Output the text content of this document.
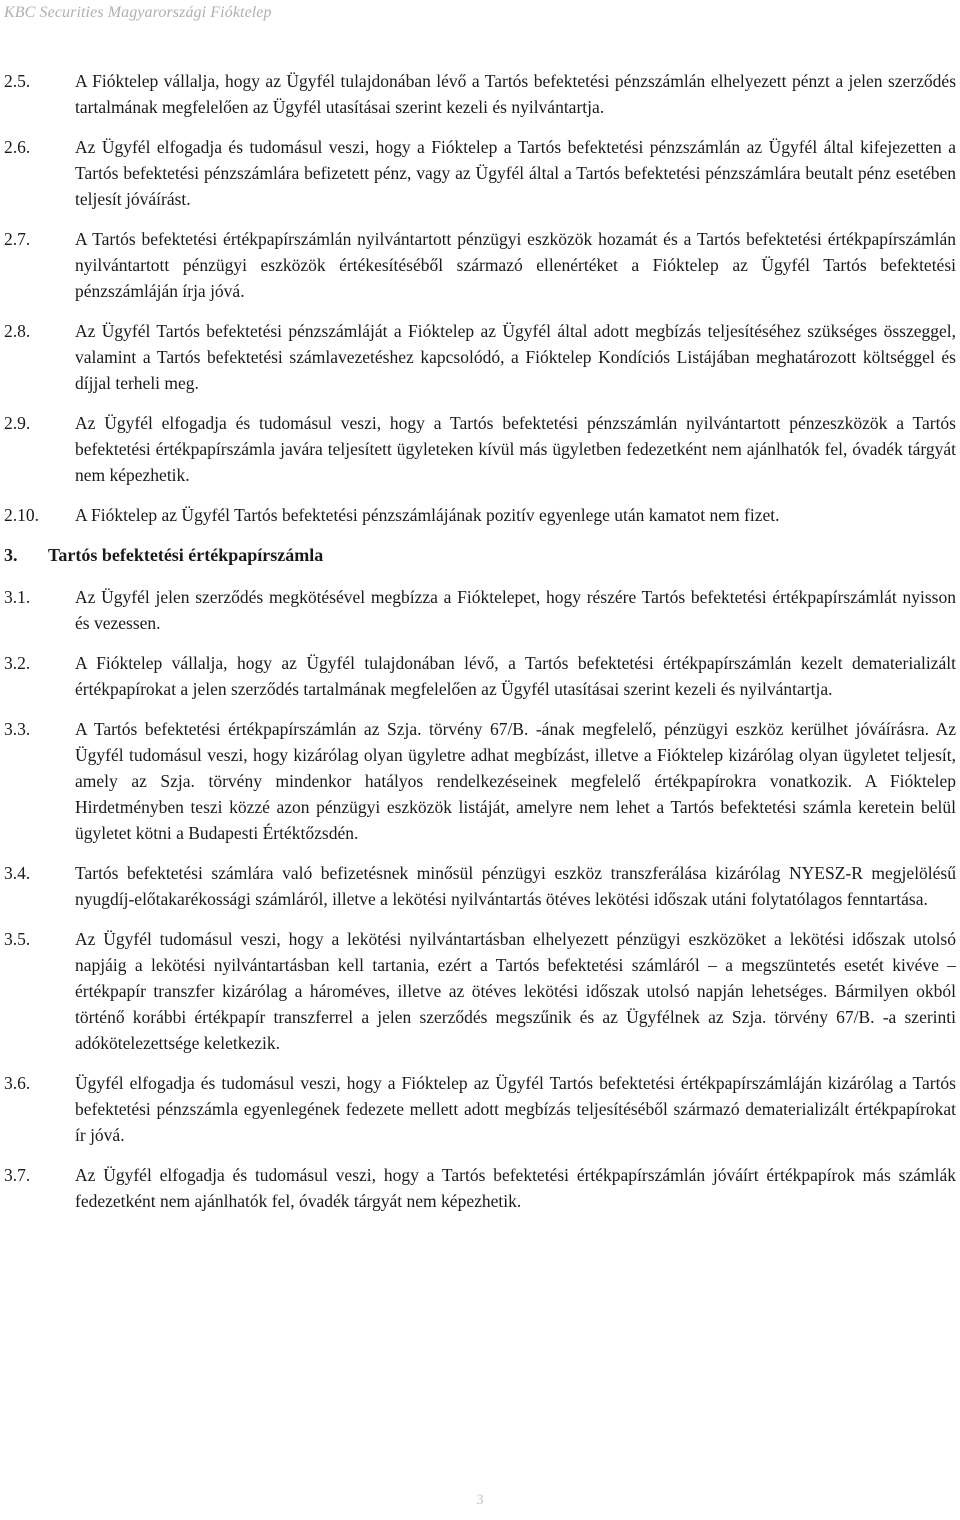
KBC Securities Magyarországi Fióktelep
2.5.	A Fióktelep vállalja, hogy az Ügyfél tulajdonában lévő a Tartós befektetési pénzszámlán elhelyezett pénzt a jelen szerződés tartalmának megfelelően az Ügyfél utasításai szerint kezeli és nyilvántartja.
2.6.	Az Ügyfél elfogadja és tudomásul veszi, hogy a Fióktelep a Tartós befektetési pénzszámlán az Ügyfél által kifejezetten a Tartós befektetési pénzszámlára befizetett pénz, vagy az Ügyfél által a Tartós befektetési pénzszámlára beutalt pénz esetében teljesít jóváírást.
2.7.	A Tartós befektetési értékpapírszámlán nyilvántartott pénzügyi eszközök hozamát és a Tartós befektetési értékpapírszámlán nyilvántartott pénzügyi eszközök értékesítéséből származó ellenértéket a Fióktelep az Ügyfél Tartós befektetési pénzszámláján írja jóvá.
2.8.	Az Ügyfél Tartós befektetési pénzszámláját a Fióktelep az Ügyfél által adott megbízás teljesítéséhez szükséges összeggel, valamint a Tartós befektetési számlavezetéshez kapcsolódó, a Fióktelep Kondíciós Listájában meghatározott költséggel és díjjal terheli meg.
2.9.	Az Ügyfél elfogadja és tudomásul veszi, hogy a Tartós befektetési pénzszámlán nyilvántartott pénzeszközök a Tartós befektetési értékpapírszámla javára teljesített ügyleteken kívül más ügyletben fedezetként nem ajánlhatók fel, óvadék tárgyát nem képezhetik.
2.10. A Fióktelep az Ügyfél Tartós befektetési pénzszámlájának pozitív egyenlege után kamatot nem fizet.
3. Tartós befektetési értékpapírszámla
3.1.	Az Ügyfél jelen szerződés megkötésével megbízza a Fióktelepet, hogy részére Tartós befektetési értékpapírszámlát nyisson és vezessen.
3.2.	A Fióktelep vállalja, hogy az Ügyfél tulajdonában lévő, a Tartós befektetési értékpapírszámlán kezelt dematerializált értékpapírokat a jelen szerződés tartalmának megfelelően az Ügyfél utasításai szerint kezeli és nyilvántartja.
3.3.	A Tartós befektetési értékpapírszámlán az Szja. törvény 67/B. -ának megfelelő, pénzügyi eszköz kerülhet jóváírásra. Az Ügyfél tudomásul veszi, hogy kizárólag olyan ügyletre adhat megbízást, illetve a Fióktelep kizárólag olyan ügyletet teljesít, amely az Szja. törvény mindenkor hatályos rendelkezéseinek megfelelő értékpapírokra vonatkozik. A Fióktelep Hirdetményben teszi közzé azon pénzügyi eszközök listáját, amelyre nem lehet a Tartós befektetési számla keretein belül ügyletet kötni a Budapesti Értéktőzsdén.
3.4.	Tartós befektetési számlára való befizetésnek minősül pénzügyi eszköz transzferálása kizárólag NYESZ-R megjelölésű nyugdíj-előtakarékossági számláról, illetve a lekötési nyilvántartás ötéves lekötési időszak utáni folytatólagos fenntartása.
3.5.	Az Ügyfél tudomásul veszi, hogy a lekötési nyilvántartásban elhelyezett pénzügyi eszközöket a lekötési időszak utolsó napjáig a lekötési nyilvántartásban kell tartania, ezért a Tartós befektetési számláról – a megszüntetés esetét kivéve – értékpapír transzfer kizárólag a hároméves, illetve az ötéves lekötési időszak utolsó napján lehetséges. Bármilyen okból történő korábbi értékpapír transzferrel a jelen szerződés megszűnik és az Ügyfélnek az Szja. törvény 67/B. -a szerinti adókötelezettsége keletkezik.
3.6.	Ügyfél elfogadja és tudomásul veszi, hogy a Fióktelep az Ügyfél Tartós befektetési értékpapírszámláján kizárólag a Tartós befektetési pénzszámla egyenlegének fedezete mellett adott megbízás teljesítéséből származó dematerializált értékpapírokat ír jóvá.
3.7.	Az Ügyfél elfogadja és tudomásul veszi, hogy a Tartós befektetési értékpapírszámlán jóváírt értékpapírok más számlák fedezetként nem ajánlhatók fel, óvadék tárgyát nem képezhetik.
3
